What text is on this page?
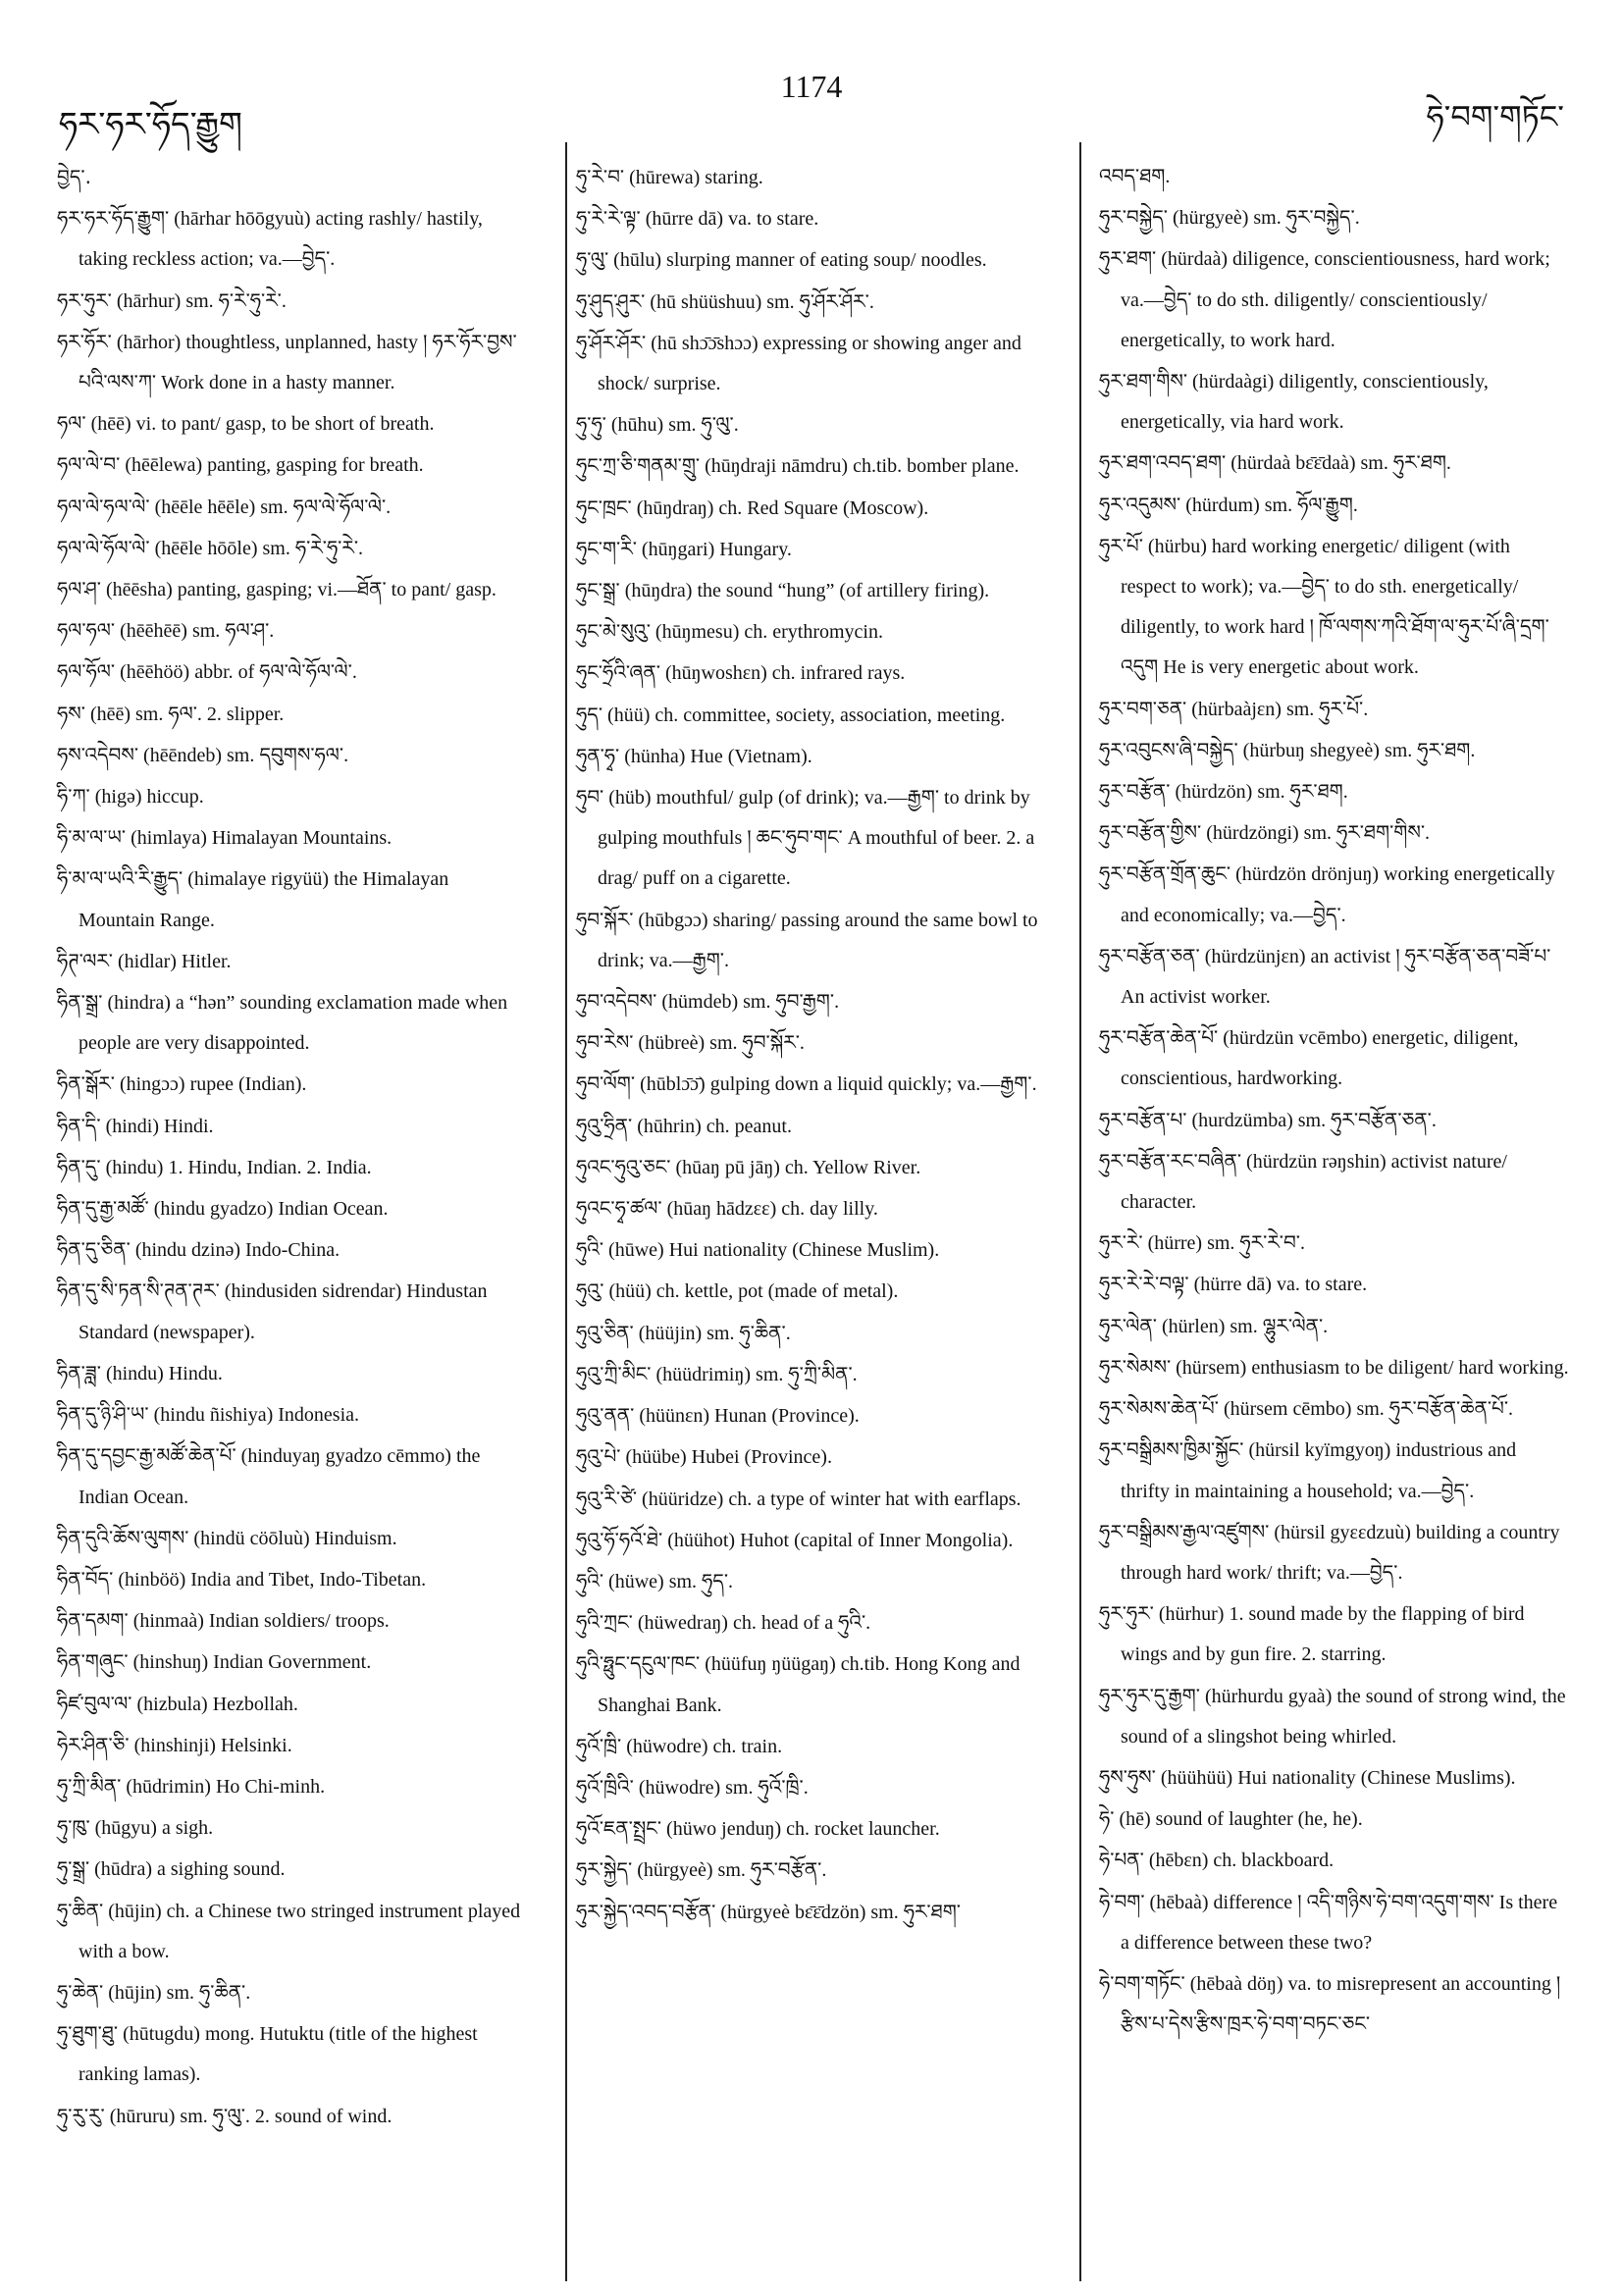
ཧར་ཧར་ཧོད་རྒྱུག
1174
ཧེ་བག་གཏོང་
བྱེད་.
ཧར་ཧར་ཧོད་རྒྱུག་ (hārhar hōōgyuù) acting rashly/ hastily, taking reckless action; va.—བྱེད་.
ཧར་ཧུར་ (hārhur) sm. ཧ་རེ་ཧུ་རེ་.
ཧར་ཧོར་ (hārhor) thoughtless, unplanned, hasty ། ཧར་ཧོར་བྱས་པའི་ལས་ཀ་ Work done in a hasty manner.
ཧལ་ (hēē) vi. to pant/ gasp, to be short of breath.
ཧལ་ལེ་བ་ (hēēlewa) panting, gasping for breath.
ཧལ་ལེ་ཧལ་ལེ་ (hēēle hēēle) sm. ཧལ་ལེ་ཧོལ་ལེ་.
ཧལ་ལེ་ཧོལ་ལེ་ (hēēle hōōle) sm. ཧ་རེ་ཧུ་རེ་.
ཧལ་ཤ་ (hēēsha) panting, gasping; vi.—ཐོན་ to pant/ gasp.
ཧལ་ཧལ་ (hēēhēē) sm. ཧལ་ཤ་.
ཧལ་ཧོལ་ (hēēhöö) abbr. of ཧལ་ལེ་ཧོལ་ལེ་.
ཧས་ (hēē) sm. ཧལ་. 2. slipper.
ཧས་འདེབས་ (hēēndeb) sm. དབུགས་ཧལ་.
ཧི་ཀ་ (higə) hiccup.
ཧི་མ་ལ་ཡ་ (himlaya) Himalayan Mountains.
ཧི་མ་ལ་ཡའི་རི་རྒྱུད་ (himalaye rigyüü) the Himalayan Mountain Range.
ཧིཊ་ལར་ (hidlar) Hitler.
ཧིན་སྒྲ་ (hindra) a “hən” sounding exclamation made when people are very disappointed.
ཧིན་སྒོར་ (hingɔɔ) rupee (Indian).
ཧིན་དི་ (hindi) Hindi.
ཧིན་དུ་ (hindu) 1. Hindu, Indian. 2. India.
ཧིན་དུ་རྒྱ་མཚོ་ (hindu gyadzo) Indian Ocean.
ཧིན་དུ་ཅིན་ (hindu dzinə) Indo-China.
ཧིན་དུ་སི་ཏན་སི་ཊན་ཊར་ (hindusiden sidrendar) Hindustan Standard (newspaper).
ཧིན་ཟླ་ (hindu) Hindu.
ཧིན་དུ་ཉི་ཤི་ཡ་ (hindu ñishiya) Indonesia.
ཧིན་དུ་དབྱང་རྒྱ་མཚོ་ཆེན་པོ་ (hinduyaŋ gyadzo cēmmo) the Indian Ocean.
ཧིན་དུའི་ཆོས་ལུགས་ (hindü cöōluù) Hinduism.
ཧིན་བོད་ (hinböö) India and Tibet, Indo-Tibetan.
ཧིན་དམག་ (hinmaà) Indian soldiers/ troops.
ཧིན་གཞུང་ (hinshuŋ) Indian Government.
ཧིཛ་བུལ་ལ་ (hizbula) Hezbollah.
ཧེར་ཤིན་ཅི་ (hinshinji) Helsinki.
ཧུ་ཀྲི་མིན་ (hūdrimin) Ho Chi-minh.
ཧུ་ཁུ་ (hūgyu) a sigh.
ཧུ་སྒྲ་ (hūdra) a sighing sound.
ཧུ་ཆིན་ (hūjin) ch. a Chinese two stringed instrument played with a bow.
ཧུ་ཆེན་ (hūjin) sm. ཧུ་ཆིན་.
ཧུ་ཐུག་ཐུ་ (hūtugdu) mong. Hutuktu (title of the highest ranking lamas).
ཧུ་རུ་རུ་ (hūruru) sm. ཧུ་ལུ་. 2. sound of wind.
ཧུ་རེ་བ་ (hūrewa) staring.
ཧུ་རེ་རེ་ལྟ་ (hūrre dā) va. to stare.
ཧུ་ལུ་ (hūlu) slurping manner of eating soup/ noodles.
ཧུ་ཤུད་ཤུར་ (hū shüüshuu) sm. ཧུ་ཤོར་ཤོར་.
ཧུ་ཤོར་ཤོར་ (hū shɔ̄ɔ̄shɔɔ) expressing or showing anger and shock/ surprise.
ཧུ་ཧུ་ (hūhu) sm. ཧུ་ལུ་.
ཧུང་ཀྲ་ཅི་གནམ་གྲུ་ (hūŋdraji nāmdru) ch.tib. bomber plane.
ཧུང་ཁྲང་ (hūŋdraŋ) ch. Red Square (Moscow).
ཧུང་ག་རི་ (hūŋgari) Hungary.
ཧུང་སྒྲ་ (hūŋdra) the sound “hung” (of artillery firing).
ཧུང་མེ་སུའུ་ (hūŋmesu) ch. erythromycin.
ཧུང་ཧྲོའི་ཞན་ (hūŋwoshɛn) ch. infrared rays.
ཧུད་ (hüü) ch. committee, society, association, meeting.
ཧུན་ཧྭ་ (hünha) Hue (Vietnam).
ཧུབ་ (hüb) mouthful/ gulp (of drink); va.—རྒྱག་ to drink by gulping mouthfuls ། ཆང་ཧུབ་གང་ A mouthful of beer. 2. a drag/ puff on a cigarette.
ཧུབ་སྐོར་ (hūbgɔɔ) sharing/ passing around the same bowl to drink; va.—རྒྱག་.
ཧུབ་འདེབས་ (hümdeb) sm. ཧུབ་རྒྱག་.
ཧུབ་རེས་ (hübreè) sm. ཧུབ་སྐོར་.
ཧུབ་ལོག་ (hūblɔ̄ɔ̄) gulping down a liquid quickly; va.—རྒྱག་.
ཧུའུ་ཧྲིན་ (hūhrin) ch. peanut.
ཧུའང་ཧུའུ་ཅང་ (hūaŋ pū jāŋ) ch. Yellow River.
ཧུའང་ཧྭ་ཚལ་ (hūaŋ hādzɛɛ) ch. day lilly.
ཧུའི་ (hūwe) Hui nationality (Chinese Muslim).
ཧུའུ་ (hüü) ch. kettle, pot (made of metal).
ཧུའུ་ཅིན་ (hüüjin) sm. ཧུ་ཆིན་.
ཧུའུ་ཀྲི་མིང་ (hüüdrimiŋ) sm. ཧུ་ཀྲི་མིན་.
ཧུའུ་ནན་ (hüünɛn) Hunan (Province).
ཧུའུ་པེ་ (hüübe) Hubei (Province).
ཧུའུ་རི་ཙེ་ (hüüridze) ch. a type of winter hat with earflaps.
ཧུའུ་ཧོ་ཧའོ་ཐེ་ (hüühot) Huhot (capital of Inner Mongolia).
ཧུའི་ (hüwe) sm. ཧུད་.
ཧུའི་ཀྲང་ (hüwedraŋ) ch. head of a ཧུའི་.
ཧུའི་ཧྥུང་དངུལ་ཁང་ (hüüfuŋ ŋüügaŋ) ch.tib. Hong Kong and Shanghai Bank.
ཧུའོ་ཁྲི་ (hüwodre) ch. train.
ཧུའོ་ཁྲིའི་ (hüwodre) sm. ཧུའོ་ཁྲི་.
ཧུའོ་ཇན་སྤྲང་ (hüwo jenduŋ) ch. rocket launcher.
ཧུར་སྐྱེད་ (hürgyeè) sm. ཧུར་བརྩོན་.
ཧུར་སྐྱེད་འབད་བརྩོན་ (hürgyeè bɛ̄ɛ̄dzön) sm. ཧུར་ཐག་
འབད་ཐག.
ཧུར་བསྐྱེད་ (hürgyeè) sm. ཧུར་བསྐྱེད་.
ཧུར་ཐག་ (hürdaà) diligence, conscientiousness, hard work; va.—བྱེད་ to do sth. diligently/ conscientiously/ energetically, to work hard.
ཧུར་ཐག་གིས་ (hürdaàgi) diligently, conscientiously, energetically, via hard work.
ཧུར་ཐག་འབད་ཐག་ (hürdaà bɛ̄ɛ̄daà) sm. ཧུར་ཐག.
ཧུར་འདུམས་ (hürdum) sm. ཧོལ་རྒྱུག.
ཧུར་པོ་ (hürbu) hard working energetic/ diligent (with respect to work); va.—བྱེད་ to do sth. energetically/ diligently, to work hard ། ཁོ་ལགས་ཀའི་ཐོག་ལ་ཧུར་པོ་ཞི་དྲག་འདུག He is very energetic about work.
ཧུར་བག་ཅན་ (hürbaàjɛn) sm. ཧུར་པོ་.
ཧུར་འབུངས་ཞི་བསྐྱེད་ (hürbuŋ shegyeè) sm. ཧུར་ཐག.
ཧུར་བརྩོན་ (hürdzön) sm. ཧུར་ཐག.
ཧུར་བརྩོན་གྱིས་ (hürdzöngi) sm. ཧུར་ཐག་གིས་.
ཧུར་བརྩོན་གྲོན་ཆུང་ (hürdzön drönjuŋ) working energetically and economically; va.—བྱེད་.
ཧུར་བརྩོན་ཅན་ (hürdzünjɛn) an activist ། ཧུར་བརྩོན་ཅན་བཟོ་པ་ An activist worker.
ཧུར་བརྩོན་ཆེན་པོ་ (hürdzün vcēmbo) energetic, diligent, conscientious, hardworking.
ཧུར་བརྩོན་པ་ (hurdzümba) sm. ཧུར་བརྩོན་ཅན་.
ཧུར་བརྩོན་རང་བཞིན་ (hürdzün rəŋshin) activist nature/ character.
ཧུར་རེ་ (hürre) sm. ཧུར་རེ་བ་.
ཧུར་རེ་རེ་བལྟ་ (hürre dā) va. to stare.
ཧུར་ལེན་ (hürlen) sm. ལྷུར་ལེན་.
ཧུར་སེམས་ (hürsem) enthusiasm to be diligent/ hard working.
ཧུར་སེམས་ཆེན་པོ་ (hürsem cēmbo) sm. ཧུར་བརྩོན་ཆེན་པོ་.
ཧུར་བསྒྲིམས་ཁྱིམ་སྐྱོང་ (hürsil kyïmgyoŋ) industrious and thrifty in maintaining a household; va.—བྱེད་.
ཧུར་བསྒྲིམས་རྒྱལ་འཛུགས་ (hürsil gyɛɛdzuù) building a country through hard work/ thrift; va.—བྱེད་.
ཧུར་ཧུར་ (hürhur) 1. sound made by the flapping of bird wings and by gun fire. 2. starring.
ཧུར་ཧུར་དུ་རྒྱག་ (hürhurdu gyaà) the sound of strong wind, the sound of a slingshot being whirled.
ཧུས་ཧུས་ (hüühüü) Hui nationality (Chinese Muslims).
ཧེ་ (hē) sound of laughter (he, he).
ཧེ་པན་ (hēbɛn) ch. blackboard.
ཧེ་བག་ (hēbaà) difference ། འདི་གཉིས་ཧེ་བག་འདུག་གས་ Is there a difference between these two?
ཧེ་བག་གཏོང་ (hēbaà döŋ) va. to misrepresent an accounting ། རྩིས་པ་དེས་རྩིས་ཁྲར་ཧེ་བག་བཏང་ཅང་
